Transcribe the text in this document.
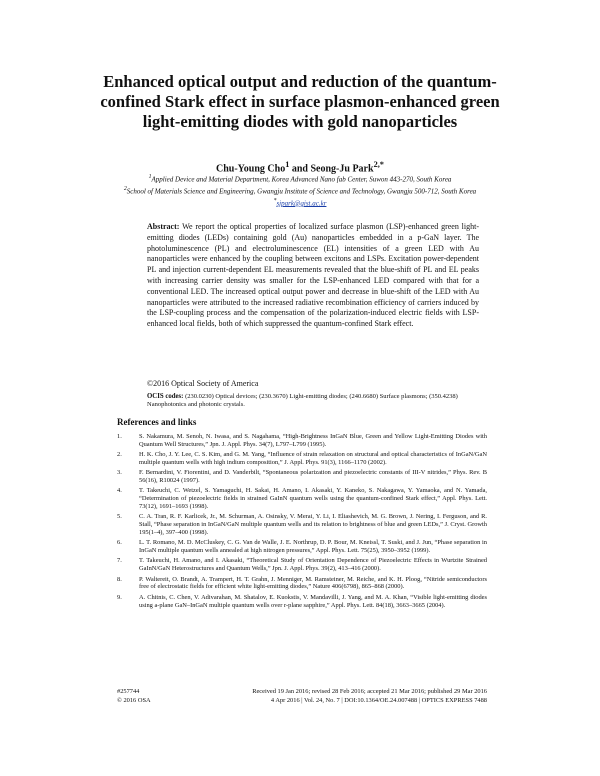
Enhanced optical output and reduction of the quantum-confined Stark effect in surface plasmon-enhanced green light-emitting diodes with gold nanoparticles
Chu-Young Cho$^1$ and Seong-Ju Park$^{2,*}$
$^1$Applied Device and Material Department, Korea Advanced Nano fab Center, Suwon 443-270, South Korea
$^2$School of Materials Science and Engineering, Gwangju Institute of Science and Technology, Gwangju 500-712, South Korea
*sjpark@gist.ac.kr
Abstract: We report the optical properties of localized surface plasmon (LSP)-enhanced green light-emitting diodes (LEDs) containing gold (Au) nanoparticles embedded in a p-GaN layer. The photoluminescence (PL) and electroluminescence (EL) intensities of a green LED with Au nanoparticles were enhanced by the coupling between excitons and LSPs. Excitation power-dependent PL and injection current-dependent EL measurements revealed that the blue-shift of PL and EL peaks with increasing carrier density was smaller for the LSP-enhanced LED compared with that for a conventional LED. The increased optical output power and decrease in blue-shift of the LED with Au nanoparticles were attributed to the increased radiative recombination efficiency of carriers induced by the LSP-coupling process and the compensation of the polarization-induced electric fields with LSP-enhanced local fields, both of which suppressed the quantum-confined Stark effect.
©2016 Optical Society of America
OCIS codes: (230.0230) Optical devices; (230.3670) Light-emitting diodes; (240.6680) Surface plasmons; (350.4238) Nanophotonics and photonic crystals.
References and links
1.	S. Nakamura, M. Senoh, N. Iwasa, and S. Nagahama, “High-Brightness InGaN Blue, Green and Yellow Light-Emitting Diodes with Quantum Well Structures,” Jpn. J. Appl. Phys. 34(7), L797–L799 (1995).
2.	H. K. Cho, J. Y. Lee, C. S. Kim, and G. M. Yang, “Influence of strain relaxation on structural and optical characteristics of InGaN/GaN multiple quantum wells with high indium composition,” J. Appl. Phys. 91(3), 1166–1170 (2002).
3.	F. Bernardini, V. Fiorentini, and D. Vanderbilt, “Spontaneous polarization and piezoelectric constants of III-V nitrides,” Phys. Rev. B 56(16), R10024 (1997).
4.	T. Takeuchi, C. Wetzel, S. Yamaguchi, H. Sakai, H. Amano, I. Akasaki, Y. Kaneko, S. Nakagawa, Y. Yamaoka, and N. Yamada, “Determination of piezoelectric fields in strained GaInN quantum wells using the quantum-confined Stark effect,” Appl. Phys. Lett. 73(12), 1691–1693 (1998).
5.	C. A. Tran, R. F. Karlicek, Jr., M. Schurman, A. Osinsky, V. Merai, Y. Li, I. Eliashevich, M. G. Brown, J. Nering, I. Ferguson, and R. Stall, “Phase separation in InGaN/GaN multiple quantum wells and its relation to brightness of blue and green LEDs,” J. Cryst. Growth 195(1–4), 397–400 (1998).
6.	L. T. Romano, M. D. McCluskey, C. G. Van de Walle, J. E. Northrup, D. P. Bour, M. Kneissl, T. Suski, and J. Jun, “Phase separation in InGaN multiple quantum wells annealed at high nitrogen pressures,” Appl. Phys. Lett. 75(25), 3950–3952 (1999).
7.	T. Takeuchi, H. Amano, and I. Akasaki, “Theoretical Study of Orientation Dependence of Piezoelectric Effects in Wurtzite Strained GaInN/GaN Heterostructures and Quantum Wells,” Jpn. J. Appl. Phys. 39(2), 413–416 (2000).
8.	P. Waltereit, O. Brandt, A. Trampert, H. T. Grahn, J. Menniger, M. Ramsteiner, M. Reiche, and K. H. Ploog, “Nitride semiconductors free of electrostatic fields for efficient white light-emitting diodes,” Nature 406(6798), 865–868 (2000).
9.	A. Chitnis, C. Chen, V. Adivarahan, M. Shatalov, E. Kuokstis, V. Mandavilli, J. Yang, and M. A. Khan, “Visible light-emitting diodes using a-plane GaN–InGaN multiple quantum wells over r-plane sapphire,” Appl. Phys. Lett. 84(18), 3663–3665 (2004).
#257744	Received 19 Jan 2016; revised 28 Feb 2016; accepted 21 Mar 2016; published 29 Mar 2016
© 2016 OSA	4 Apr 2016 | Vol. 24, No. 7 | DOI:10.1364/OE.24.007488 | OPTICS EXPRESS 7488
